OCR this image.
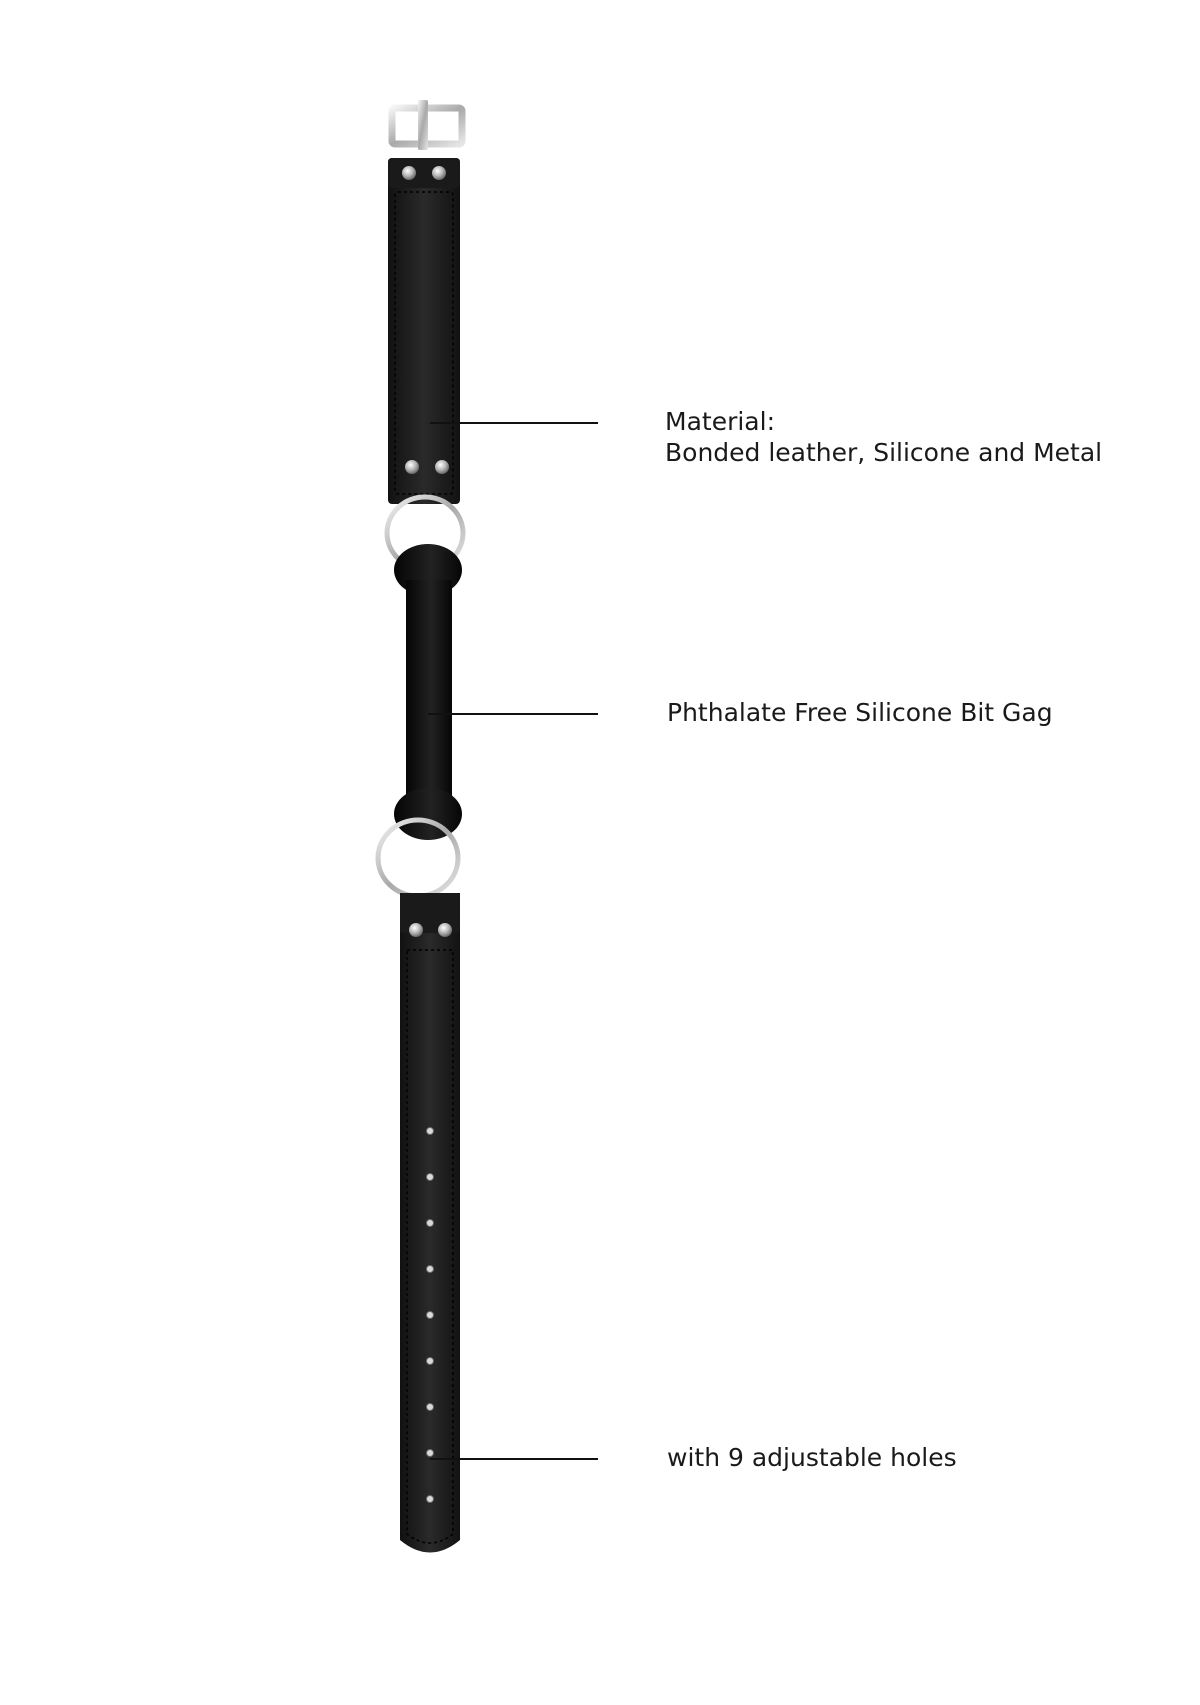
Material:
Bonded leather, Silicone and Metal
Phthalate Free Silicone Bit Gag
with 9 adjustable holes
